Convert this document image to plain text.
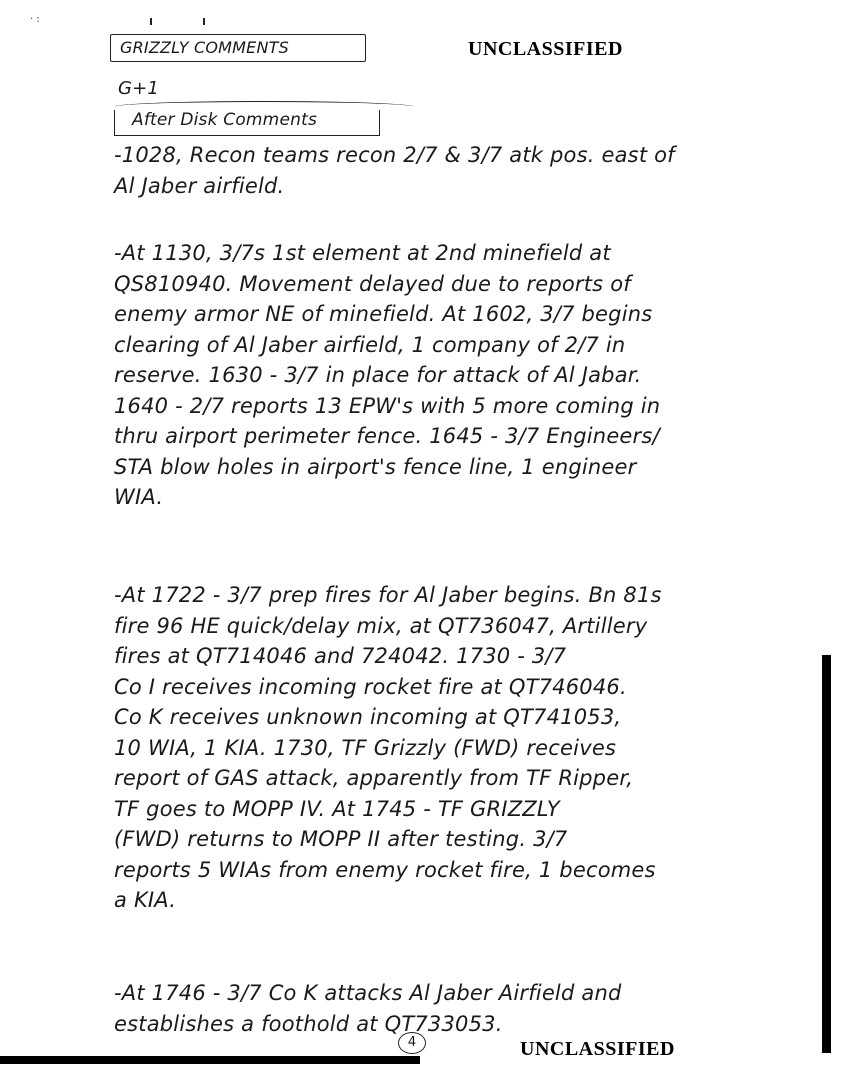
· :
GRIZZLY COMMENTS	UNCLASSIFIED
G+1
After Disk Comments
-1028, Recon teams recon 2/7 & 3/7 atk pos. east of
Al Jaber airfield.
-At 1130, 3/7s 1st element at 2nd minefield at
QS810940. Movement delayed due to reports of
enemy armor NE of minefield. At 1602, 3/7 begins
clearing of Al Jaber airfield, 1 company of 2/7 in
reserve. 1630 - 3/7 in place for attack of Al Jabar.
1640 - 2/7 reports 13 EPW's with 5 more coming in
thru airport perimeter fence. 1645 - 3/7 Engineers/
STA blow holes in airport's fence line, 1 engineer
WIA.
-At 1722 - 3/7 prep fires for Al Jaber begins. Bn 81s
fire 96 HE quick/delay mix, at QT736047, Artillery
fires at QT714046 and 724042. 1730 - 3/7
Co I receives incoming rocket fire at QT746046.
Co K receives unknown incoming at QT741053,
10 WIA, 1 KIA. 1730, TF Grizzly (FWD) receives
report of GAS attack, apparently from TF Ripper,
TF goes to MOPP IV. At 1745 - TF GRIZZLY
(FWD) returns to MOPP II after testing. 3/7
reports 5 WIAs from enemy rocket fire, 1 becomes
a KIA.
-At 1746 - 3/7 Co K attacks Al Jaber Airfield and
establishes a foothold at QT733053.
4	UNCLASSIFIED
